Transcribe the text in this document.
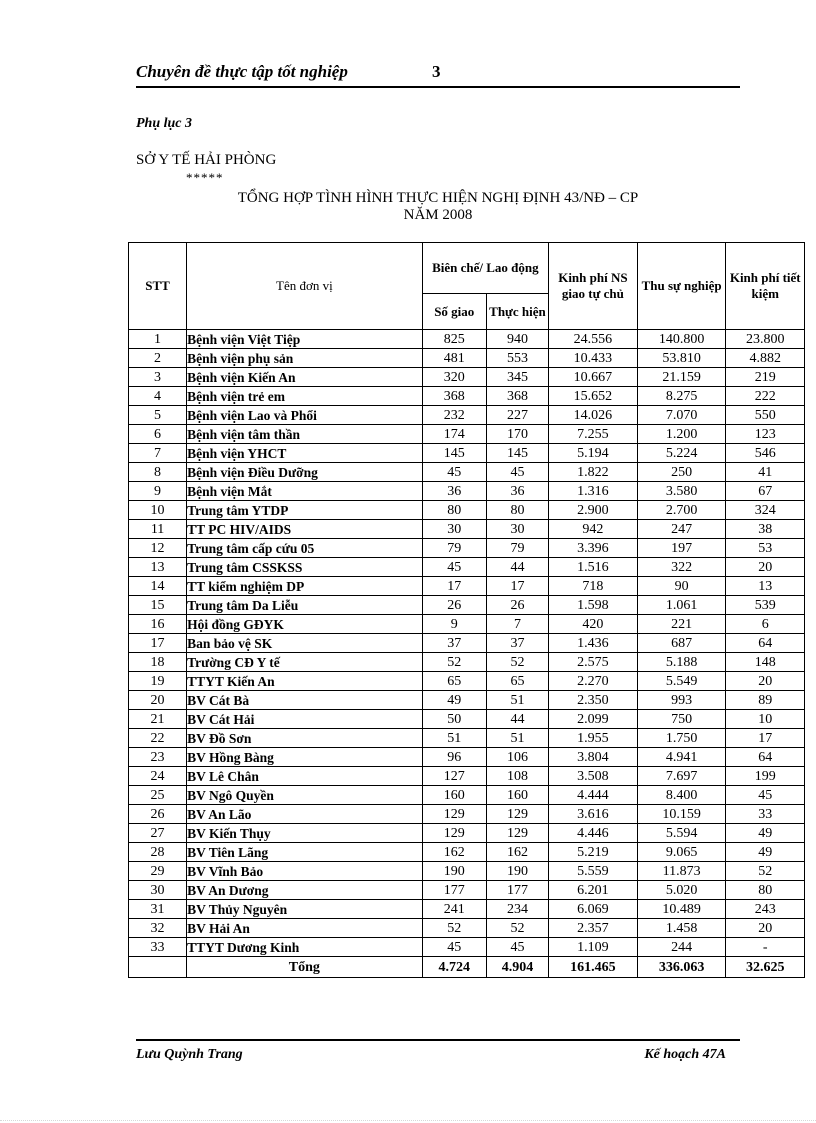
Chuyên đề thực tập tốt nghiệp	3
Phụ lục 3
SỞ Y TẾ HẢI PHÒNG
*****
TỔNG HỢP TÌNH HÌNH THỰC HIỆN NGHỊ ĐỊNH 43/NĐ – CP
NĂM 2008
STT	Tên đơn vị	Biên chế/ Lao động		Kinh phí NS giao tự chủ	Thu sự nghiệp	Kinh phí tiết kiệm
		Số giao	Thực hiện			
1	Bệnh viện Việt Tiệp	825	940	24.556	140.800	23.800
2	Bệnh viện phụ sản	481	553	10.433	53.810	4.882
3	Bệnh viện Kiến An	320	345	10.667	21.159	219
4	Bệnh viện trẻ em	368	368	15.652	8.275	222
5	Bệnh viện Lao và Phổi	232	227	14.026	7.070	550
6	Bệnh viện tâm thần	174	170	7.255	1.200	123
7	Bệnh viện YHCT	145	145	5.194	5.224	546
8	Bệnh viện Điều Dưỡng	45	45	1.822	250	41
9	Bệnh viện Mắt	36	36	1.316	3.580	67
10	Trung tâm YTDP	80	80	2.900	2.700	324
11	TT PC HIV/AIDS	30	30	942	247	38
12	Trung tâm cấp cứu 05	79	79	3.396	197	53
13	Trung tâm CSSKSS	45	44	1.516	322	20
14	TT kiểm nghiệm DP	17	17	718	90	13
15	Trung tâm Da Liễu	26	26	1.598	1.061	539
16	Hội đồng GĐYK	9	7	420	221	6
17	Ban bảo vệ SK	37	37	1.436	687	64
18	Trường CĐ Y tế	52	52	2.575	5.188	148
19	TTYT Kiến An	65	65	2.270	5.549	20
20	BV Cát Bà	49	51	2.350	993	89
21	BV Cát Hải	50	44	2.099	750	10
22	BV Đồ Sơn	51	51	1.955	1.750	17
23	BV Hồng Bàng	96	106	3.804	4.941	64
24	BV Lê Chân	127	108	3.508	7.697	199
25	BV Ngô Quyền	160	160	4.444	8.400	45
26	BV An Lão	129	129	3.616	10.159	33
27	BV Kiến Thụy	129	129	4.446	5.594	49
28	BV Tiên Lãng	162	162	5.219	9.065	49
29	BV Vĩnh Bảo	190	190	5.559	11.873	52
30	BV An Dương	177	177	6.201	5.020	80
31	BV Thủy Nguyên	241	234	6.069	10.489	243
32	BV Hải An	52	52	2.357	1.458	20
33	TTYT Dương Kinh	45	45	1.109	244	-
	Tổng	4.724	4.904	161.465	336.063	32.625
Lưu Quỳnh Trang	Kế hoạch 47A
